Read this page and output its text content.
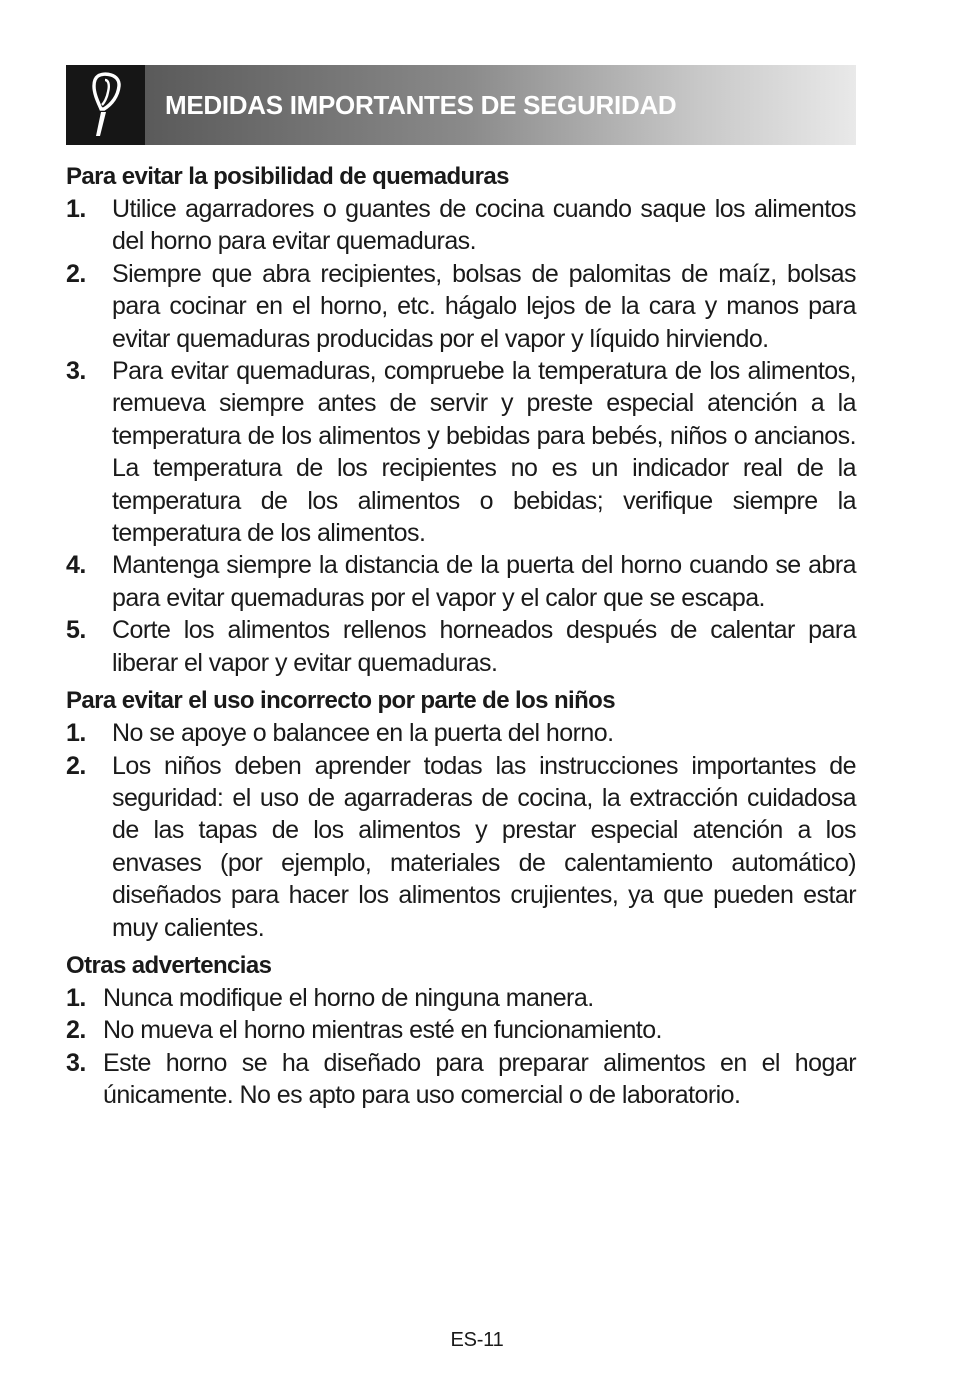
MEDIDAS IMPORTANTES DE SEGURIDAD

Para evitar la posibilidad de quemaduras

1.	Utilice agarradores o guantes de cocina cuando saque los alimentos del horno para evitar quemaduras.
2.	Siempre que abra recipientes, bolsas de palomitas de maíz, bolsas para cocinar en el horno, etc. hágalo lejos de la cara y manos para evitar quemaduras producidas por el vapor y líquido hirviendo.
3.	Para evitar quemaduras, compruebe la temperatura de los alimentos, remueva siempre antes de servir y preste especial atención a la temperatura de los alimentos y bebidas para bebés, niños o ancianos. La temperatura de los recipientes no es un indicador real de la temperatura de los alimentos o bebidas; verifique siempre la temperatura de los alimentos.
4.	Mantenga siempre la distancia de la puerta del horno cuando se abra para evitar quemaduras por el vapor y el calor que se escapa.
5.	Corte los alimentos rellenos horneados después de calentar para liberar el vapor y evitar quemaduras.

Para evitar el uso incorrecto por parte de los niños

1.	No se apoye o balancee en la puerta del horno.
2.	Los niños deben aprender todas las instrucciones importantes de seguridad: el uso de agarraderas de cocina, la extracción cuidadosa de las tapas de los alimentos y prestar especial atención a los envases (por ejemplo, materiales de calentamiento automático) diseñados para hacer los alimentos crujientes, ya que pueden estar muy calientes.

Otras advertencias

1. Nunca modifique el horno de ninguna manera.
2. No mueva el horno mientras esté en funcionamiento.
3. Este horno se ha diseñado para preparar alimentos en el hogar únicamente. No es apto para uso comercial o de laboratorio.
ES-11
